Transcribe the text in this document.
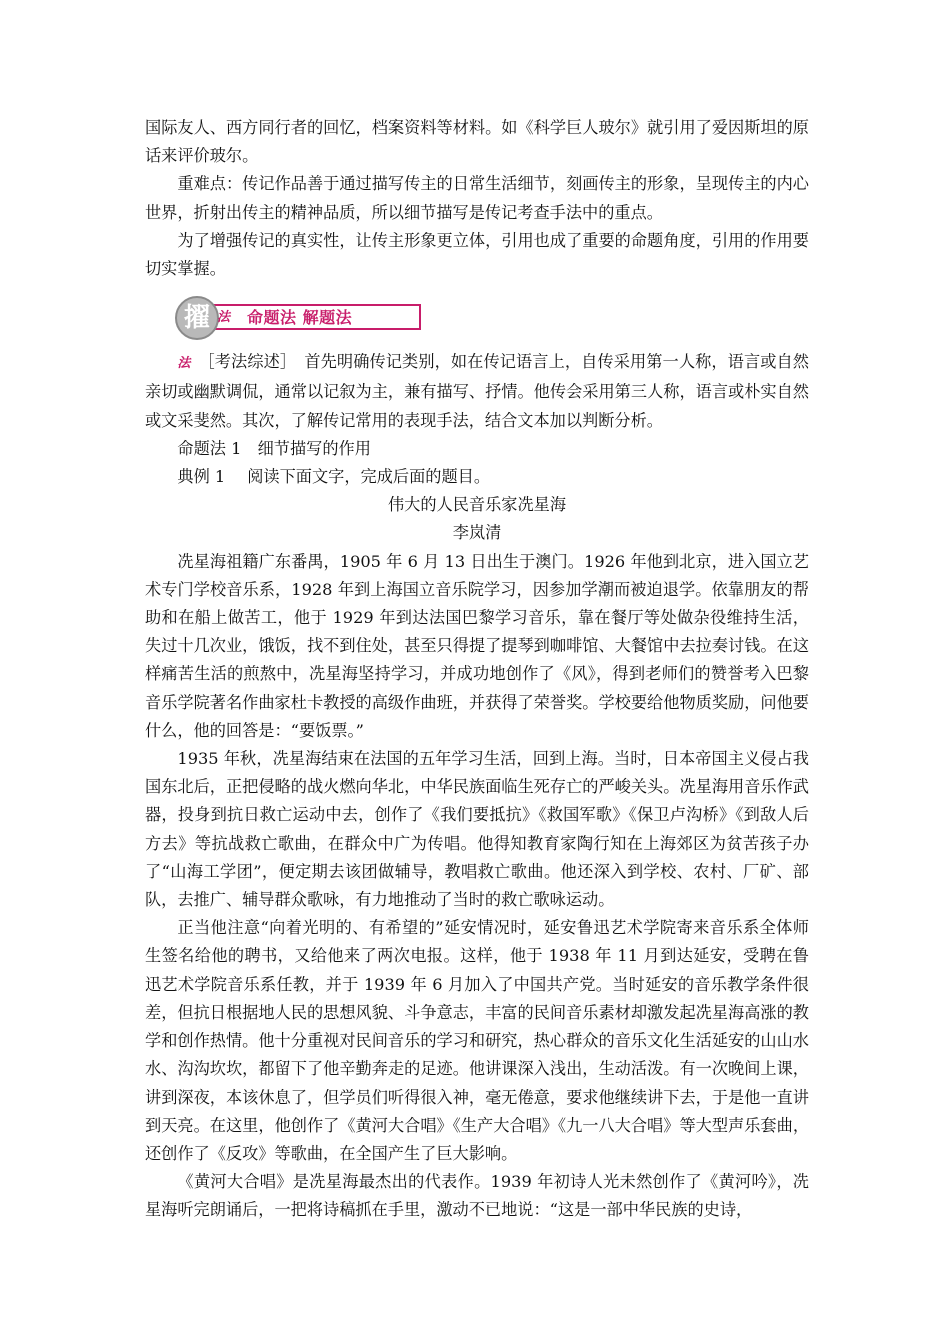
国际友人、西方同行者的回忆，档案资料等材料。如《科学巨人玻尔》就引用了爱因斯坦的原话来评价玻尔。

重难点：传记作品善于通过描写传主的日常生活细节，刻画传主的形象，呈现传主的内心世界，折射出传主的精神品质，所以细节描写是传记考查手法中的重点。

为了增强传记的真实性，让传主形象更立体，引用也成了重要的命题角度，引用的作用要切实掌握。

擢 法 命题法 解题法

法 ［考法综述］　首先明确传记类别，如在传记语言上，自传采用第一人称，语言或自然亲切或幽默调侃，通常以记叙为主，兼有描写、抒情。他传会采用第三人称，语言或朴实自然或文采斐然。其次，了解传记常用的表现手法，结合文本加以判断分析。

命题法 1　细节描写的作用

典例 1 阅读下面文字，完成后面的题目。

伟大的人民音乐家冼星海

李岚清

冼星海祖籍广东番禺，1905 年 6 月 13 日出生于澳门。1926 年他到北京，进入国立艺术专门学校音乐系，1928 年到上海国立音乐院学习，因参加学潮而被迫退学。依靠朋友的帮助和在船上做苦工，他于 1929 年到达法国巴黎学习音乐，靠在餐厅等处做杂役维持生活，失过十几次业，饿饭，找不到住处，甚至只得提了提琴到咖啡馆、大餐馆中去拉奏讨钱。在这样痛苦生活的煎熬中，冼星海坚持学习，并成功地创作了《风》，得到老师们的赞誉考入巴黎音乐学院著名作曲家杜卡教授的高级作曲班，并获得了荣誉奖。学校要给他物质奖励，问他要什么，他的回答是：“要饭票。”

1935 年秋，冼星海结束在法国的五年学习生活，回到上海。当时，日本帝国主义侵占我国东北后，正把侵略的战火燃向华北，中华民族面临生死存亡的严峻关头。冼星海用音乐作武器，投身到抗日救亡运动中去，创作了《我们要抵抗》《救国军歌》《保卫卢沟桥》《到敌人后方去》等抗战救亡歌曲，在群众中广为传唱。他得知教育家陶行知在上海郊区为贫苦孩子办了“山海工学团”，便定期去该团做辅导，教唱救亡歌曲。他还深入到学校、农村、厂矿、部队，去推广、辅导群众歌咏，有力地推动了当时的救亡歌咏运动。

正当他注意“向着光明的、有希望的”延安情况时，延安鲁迅艺术学院寄来音乐系全体师生签名给他的聘书，又给他来了两次电报。这样，他于 1938 年 11 月到达延安，受聘在鲁迅艺术学院音乐系任教，并于 1939 年 6 月加入了中国共产党。当时延安的音乐教学条件很差，但抗日根据地人民的思想风貌、斗争意志，丰富的民间音乐素材却激发起冼星海高涨的教学和创作热情。他十分重视对民间音乐的学习和研究，热心群众的音乐文化生活延安的山山水水、沟沟坎坎，都留下了他辛勤奔走的足迹。他讲课深入浅出，生动活泼。有一次晚间上课，讲到深夜，本该休息了，但学员们听得很入神，毫无倦意，要求他继续讲下去，于是他一直讲到天亮。在这里，他创作了《黄河大合唱》《生产大合唱》《九一八大合唱》等大型声乐套曲，还创作了《反攻》等歌曲，在全国产生了巨大影响。

《黄河大合唱》是冼星海最杰出的代表作。1939 年初诗人光未然创作了《黄河吟》，冼星海听完朗诵后，一把将诗稿抓在手里，激动不已地说：“这是一部中华民族的史诗，
